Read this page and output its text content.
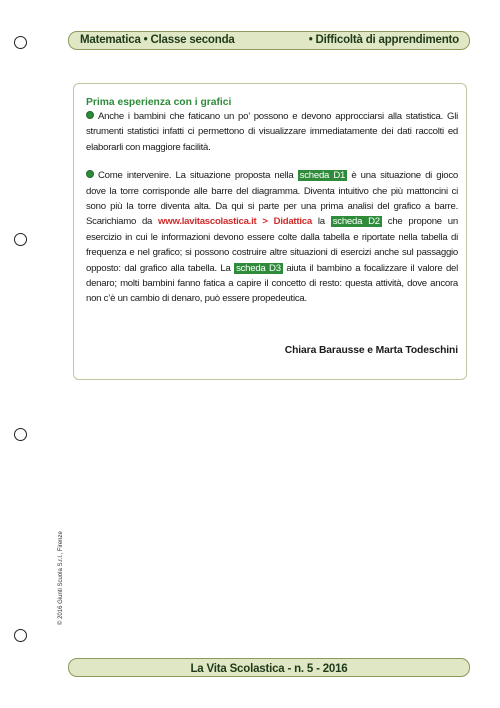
Matematica • Classe seconda	• Difficoltà di apprendimento
Prima esperienza con i grafici

Anche i bambini che faticano un po’ possono e devono approcciarsi alla statistica. Gli strumenti statistici infatti ci permettono di visualizzare immediatamente dei dati raccolti ed elaborarli con maggiore facilità.

Come intervenire. La situazione proposta nella scheda D1 è una situazione di gioco dove la torre corrisponde alle barre del diagramma. Diventa intuitivo che più mattoncini ci sono più la torre diventa alta. Da qui si parte per una prima analisi del grafico a barre. Scarichiamo da www.lavitascolastica.it > Didattica la scheda D2 che propone un esercizio in cui le informazioni devono essere colte dalla tabella e riportate nella tabella di frequenza e nel grafico; si possono costruire altre situazioni di esercizi anche sul passaggio opposto: dal grafico alla tabella. La scheda D3 aiuta il bambino a focalizzare il valore del denaro; molti bambini fanno fatica a capire il concetto di resto: questa attività, dove ancora non c’è un cambio di denaro, può essere propedeutica.

Chiara Barausse e Marta Todeschini
© 2016 Giunti Scuola S.r.l., Firenze
La Vita Scolastica - n. 5 - 2016
